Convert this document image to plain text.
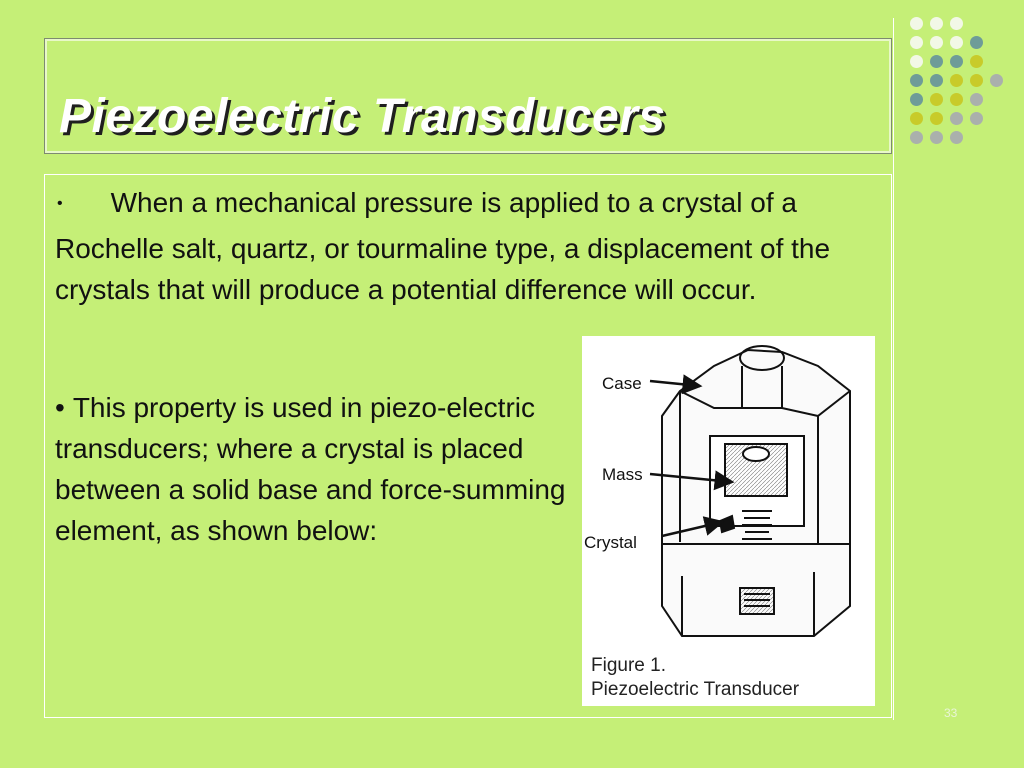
Piezoelectric Transducers

• When a mechanical pressure is applied to a crystal of a Rochelle salt, quartz, or tourmaline type, a displacement of the crystals that will produce a potential difference will occur.

• This property is used in piezo-electric transducers; where a crystal is placed between a solid base and force-summing element, as shown below:

Case
Mass
Crystal

Figure 1.
Piezoelectric Transducer

33
